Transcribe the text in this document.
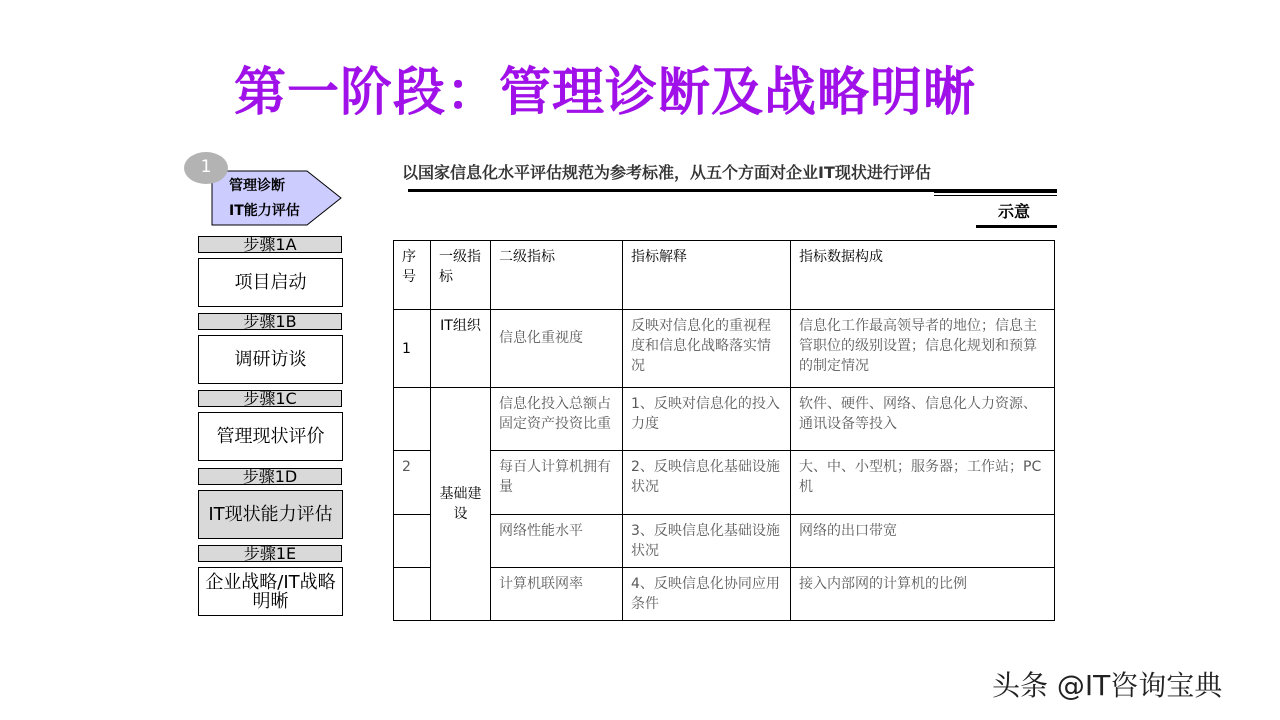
第一阶段：管理诊断及战略明晰
1
管理诊断
IT能力评估
步骤1A
项目启动
步骤1B
调研访谈
步骤1C
管理现状评价
步骤1D
IT现状能力评估
步骤1E
企业战略/IT战略明晰
以国家信息化水平评估规范为参考标准，从五个方面对企业IT现状进行评估
示意
序号	一级指标	二级指标	指标解释	指标数据构成
1	IT组织	信息化重视度	反映对信息化的重视程度和信息化战略落实情况	信息化工作最高领导者的地位；信息主管职位的级别设置；信息化规划和预算的制定情况
	基础建设	信息化投入总额占固定资产投资比重	1、反映对信息化的投入力度	软件、硬件、网络、信息化人力资源、通讯设备等投入
2		每百人计算机拥有量	2、反映信息化基础设施状况	大、中、小型机；服务器；工作站；PC机
		网络性能水平	3、反映信息化基础设施状况	网络的出口带宽
		计算机联网率	4、反映信息化协同应用条件	接入内部网的计算机的比例
头条 @IT咨询宝典
